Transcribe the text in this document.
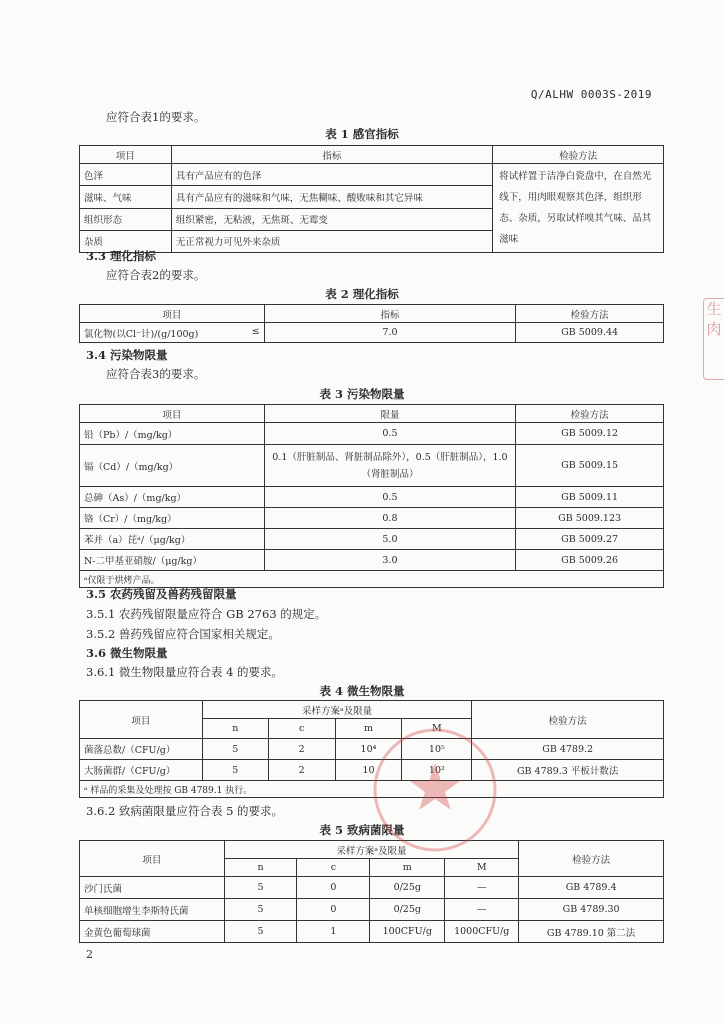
Q/ALHW 0003S-2019
应符合表1的要求。
表 1 感官指标
项目	指标	检验方法
色泽	具有产品应有的色泽	将试样置于洁净白瓷盘中，在自然光线下，用肉眼观察其色泽，组织形态、杂质，另取试样嗅其气味、品其滋味
滋味、气味	具有产品应有的滋味和气味，无焦糊味、酸败味和其它异味	
组织形态	组织紧密，无粘液，无焦斑、无霉变	
杂质	无正常视力可见外来杂质	
3.3 理化指标
应符合表2的要求。
表 2 理化指标
项目	指标	检验方法
氯化物(以Cl⁻计)/(g/100g) ≤	7.0	GB 5009.44
3.4 污染物限量
应符合表3的要求。
表 3 污染物限量
项目	限量	检验方法
铅（Pb）/（mg/kg）	0.5	GB 5009.12
镉（Cd）/（mg/kg）	0.1（肝脏制品、肾脏制品除外），0.5（肝脏制品），1.0（肾脏制品）	GB 5009.15
总砷（As）/（mg/kg）	0.5	GB 5009.11
铬（Cr）/（mg/kg）	0.8	GB 5009.123
苯并（a）芘ᵃ/（μg/kg）	5.0	GB 5009.27
N-二甲基亚硝胺/（μg/kg）	3.0	GB 5009.26
ᵃ仅限于烘烤产品。		
3.5 农药残留及兽药残留限量
3.5.1 农药残留限量应符合 GB 2763 的规定。
3.5.2 兽药残留应符合国家相关规定。
3.6 微生物限量
3.6.1 微生物限量应符合表 4 的要求。
表 4 微生物限量
项目	采样方案ᵃ及限量				检验方法
	n	c	m	M	
菌落总数/（CFU/g）	5	2	10⁴	10⁵	GB 4789.2
大肠菌群/（CFU/g）	5	2	10	10²	GB 4789.3 平板计数法
ᵃ 样品的采集及处理按 GB 4789.1 执行。					
3.6.2 致病菌限量应符合表 5 的要求。
表 5 致病菌限量
项目	采样方案ᵃ及限量				检验方法
	n	c	m	M	
沙门氏菌	5	0	0/25g	—	GB 4789.4
单核细胞增生李斯特氏菌	5	0	0/25g	—	GB 4789.30
金黄色葡萄球菌	5	1	100CFU/g	1000CFU/g	GB 4789.10 第二法
2
生
肉
